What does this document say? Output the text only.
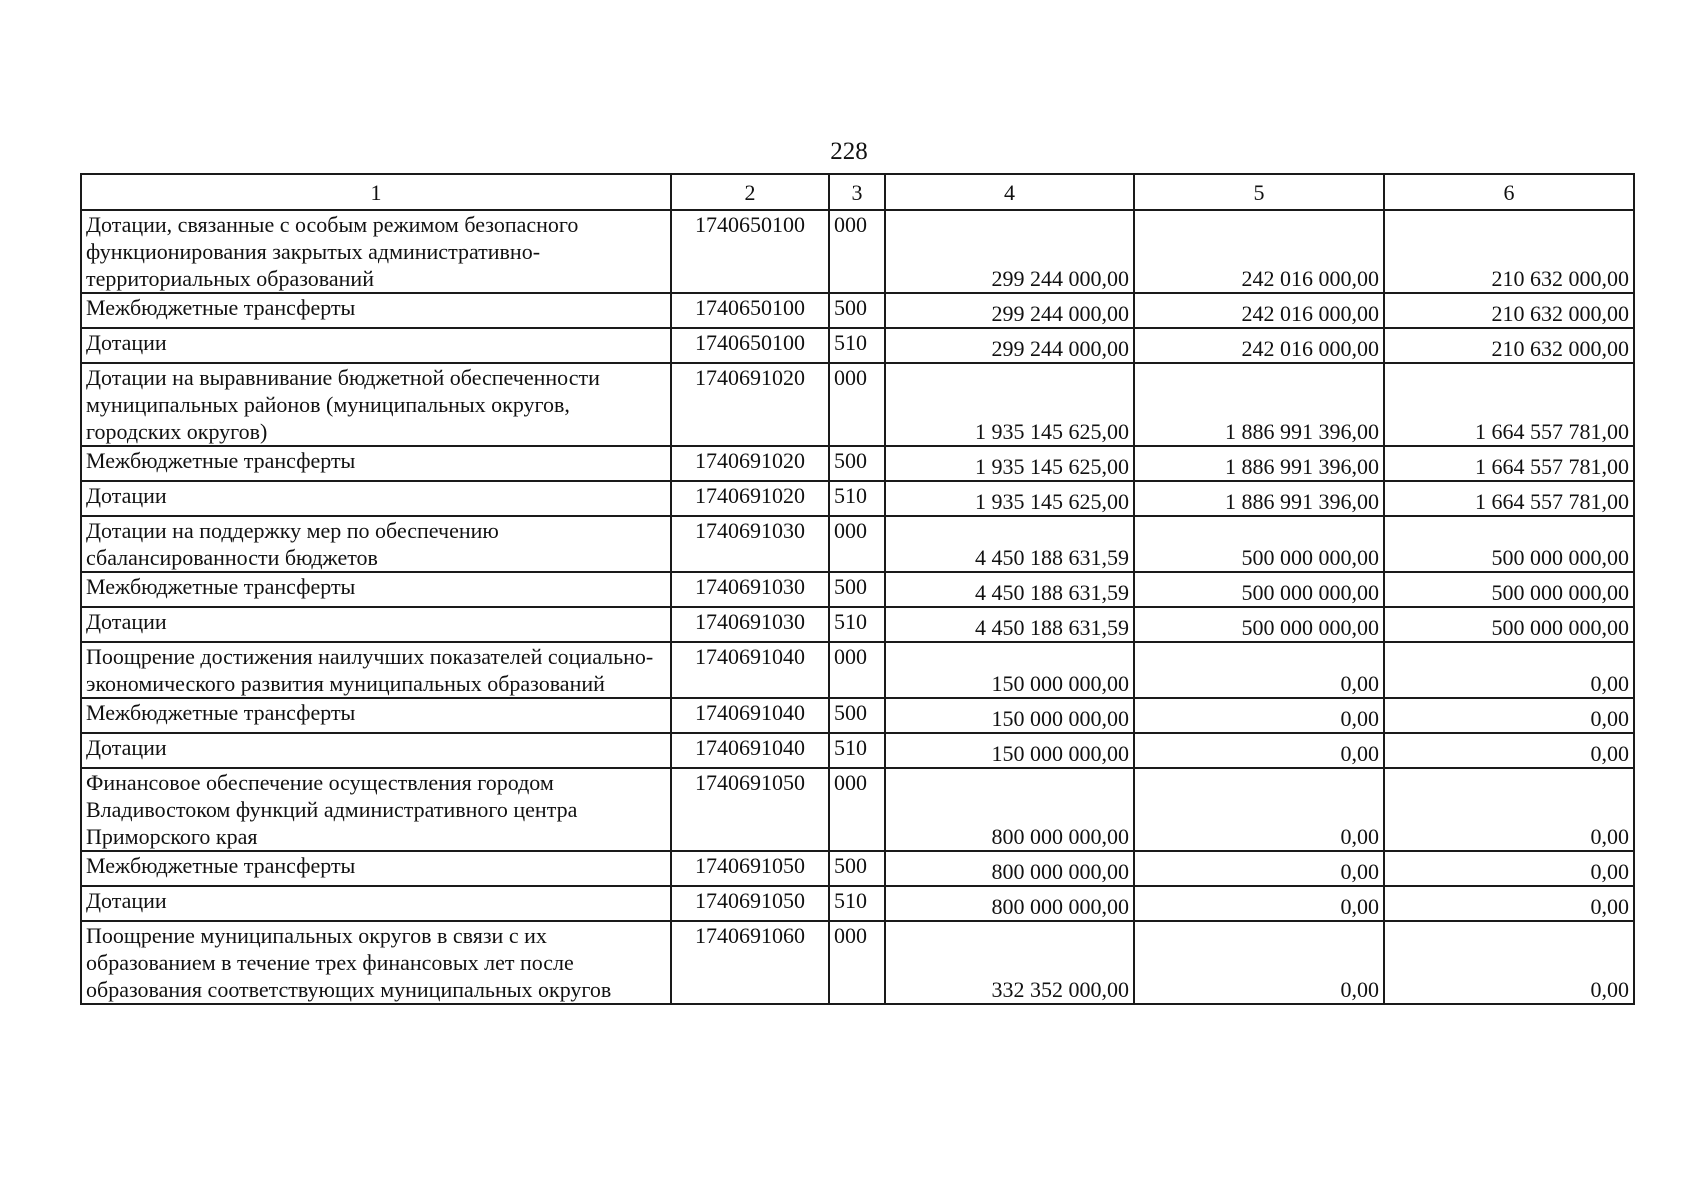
228
1	2	3	4	5	6
Дотации, связанные с особым режимом безопасного функционирования закрытых административно-территориальных образований	1740650100	000	299 244 000,00	242 016 000,00	210 632 000,00
Межбюджетные трансферты	1740650100	500	299 244 000,00	242 016 000,00	210 632 000,00
Дотации	1740650100	510	299 244 000,00	242 016 000,00	210 632 000,00
Дотации на выравнивание бюджетной обеспеченности муниципальных районов (муниципальных округов, городских округов)	1740691020	000	1 935 145 625,00	1 886 991 396,00	1 664 557 781,00
Межбюджетные трансферты	1740691020	500	1 935 145 625,00	1 886 991 396,00	1 664 557 781,00
Дотации	1740691020	510	1 935 145 625,00	1 886 991 396,00	1 664 557 781,00
Дотации на поддержку мер по обеспечению сбалансированности бюджетов	1740691030	000	4 450 188 631,59	500 000 000,00	500 000 000,00
Межбюджетные трансферты	1740691030	500	4 450 188 631,59	500 000 000,00	500 000 000,00
Дотации	1740691030	510	4 450 188 631,59	500 000 000,00	500 000 000,00
Поощрение достижения наилучших показателей социально-экономического развития муниципальных образований	1740691040	000	150 000 000,00	0,00	0,00
Межбюджетные трансферты	1740691040	500	150 000 000,00	0,00	0,00
Дотации	1740691040	510	150 000 000,00	0,00	0,00
Финансовое обеспечение осуществления городом Владивостоком функций административного центра Приморского края	1740691050	000	800 000 000,00	0,00	0,00
Межбюджетные трансферты	1740691050	500	800 000 000,00	0,00	0,00
Дотации	1740691050	510	800 000 000,00	0,00	0,00
Поощрение муниципальных округов в связи с их образованием в течение трех финансовых лет после образования соответствующих муниципальных округов	1740691060	000	332 352 000,00	0,00	0,00
